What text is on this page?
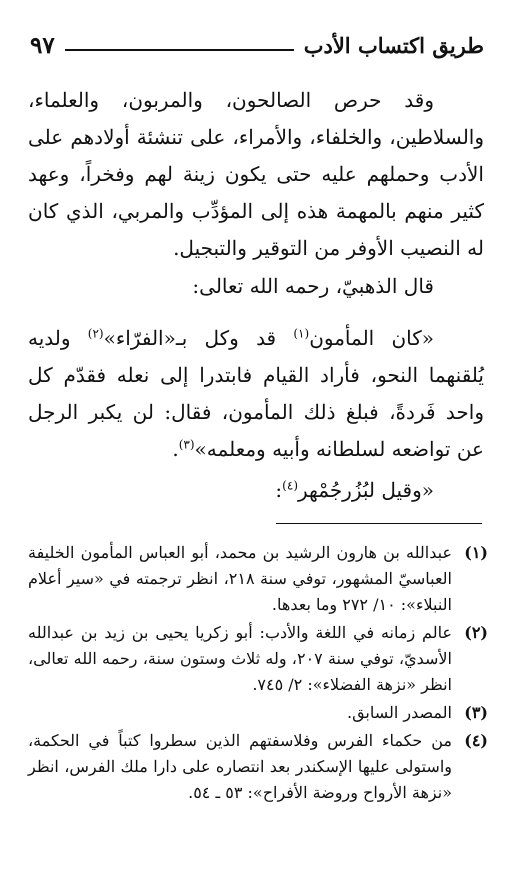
طريق اكتساب الأدب
٩٧

وقد حرص الصالحون، والمربون، والعلماء، والسلاطين، والخلفاء، والأمراء، على تنشئة أولادهم على الأدب وحملهم عليه حتى يكون زينة لهم وفخراً، وعهد كثير منهم بالمهمة هذه إلى المؤدِّب والمربي، الذي كان له النصيب الأوفر من التوقير والتبجيل.

قال الذهبيّ، رحمه الله تعالى:

«كان المأمون$^{(١)}$ قد وكل بـ«الفرّاء»$^{(٢)}$ ولديه يُلقنهما النحو، فأراد القيام فابتدرا إلى نعله فقدّم كل واحد فَردةً، فبلغ ذلك المأمون، فقال: لن يكبر الرجل عن تواضعه لسلطانه وأبيه ومعلمه»$^{(٣)}$.

«وقيل لبُزُرجُمْهر$^{(٤)}$:

(١)
عبدالله بن هارون الرشيد بن محمد، أبو العباس المأمون الخليفة العباسيّ المشهور، توفي سنة ٢١٨، انظر ترجمته في «سير أعلام النبلاء»: ١٠/ ٢٧٢ وما بعدها.
(٢)
عالم زمانه في اللغة والأدب: أبو زكريا يحيى بن زيد بن عبدالله الأسديّ، توفي سنة ٢٠٧، وله ثلاث وستون سنة، رحمه الله تعالى، انظر «نزهة الفضلاء»: ٢/ ٧٤٥.
(٣)
المصدر السابق.
(٤)
من حكماء الفرس وفلاسفتهم الذين سطروا كتباً في الحكمة، واستولى عليها الإسكندر بعد انتصاره على دارا ملك الفرس، انظر «نزهة الأرواح وروضة الأفراح»: ٥٣ ـ ٥٤.
